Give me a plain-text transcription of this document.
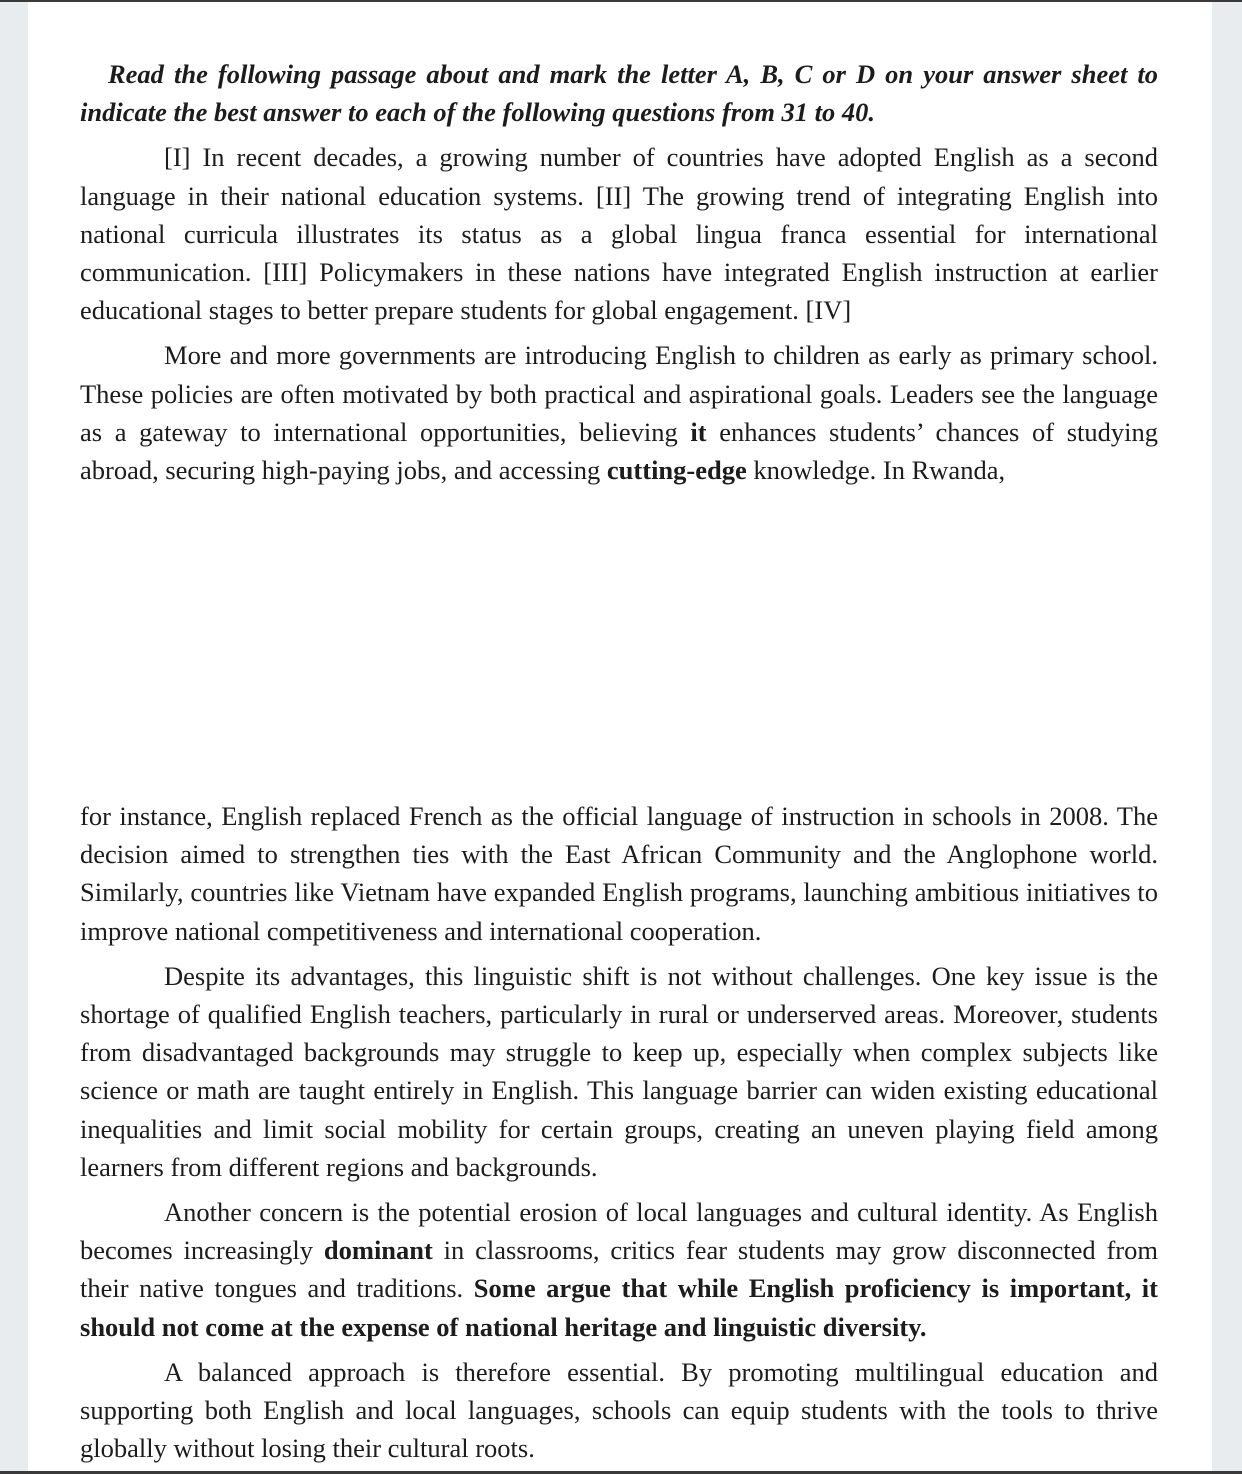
Read the following passage about and mark the letter A, B, C or D on your answer sheet to indicate the best answer to each of the following questions from 31 to 40.

[I] In recent decades, a growing number of countries have adopted English as a second language in their national education systems. [II] The growing trend of integrating English into national curricula illustrates its status as a global lingua franca essential for international communication. [III] Policymakers in these nations have integrated English instruction at earlier educational stages to better prepare students for global engagement. [IV]

More and more governments are introducing English to children as early as primary school. These policies are often motivated by both practical and aspirational goals. Leaders see the language as a gateway to international opportunities, believing it enhances students’ chances of studying abroad, securing high-paying jobs, and accessing cutting-edge knowledge. In Rwanda,

for instance, English replaced French as the official language of instruction in schools in 2008. The decision aimed to strengthen ties with the East African Community and the Anglophone world. Similarly, countries like Vietnam have expanded English programs, launching ambitious initiatives to improve national competitiveness and international cooperation.

Despite its advantages, this linguistic shift is not without challenges. One key issue is the shortage of qualified English teachers, particularly in rural or underserved areas. Moreover, students from disadvantaged backgrounds may struggle to keep up, especially when complex subjects like science or math are taught entirely in English. This language barrier can widen existing educational inequalities and limit social mobility for certain groups, creating an uneven playing field among learners from different regions and backgrounds.

Another concern is the potential erosion of local languages and cultural identity. As English becomes increasingly dominant in classrooms, critics fear students may grow disconnected from their native tongues and traditions. Some argue that while English proficiency is important, it should not come at the expense of national heritage and linguistic diversity.

A balanced approach is therefore essential. By promoting multilingual education and supporting both English and local languages, schools can equip students with the tools to thrive globally without losing their cultural roots.
